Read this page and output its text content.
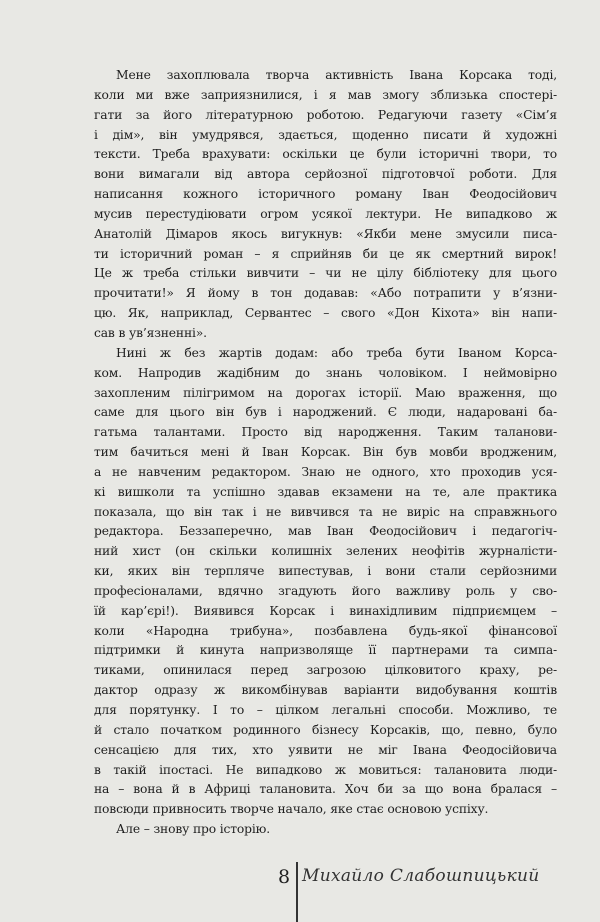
Мене захоплювала творча активність Івана Корсака тоді,
коли ми вже заприязнилися, і я мав змогу зблизька спостері-
гати за його літературною роботою. Редагуючи газету «Сім’я
і дім», він умудрявся, здається, щоденно писати й художні
тексти. Треба врахувати: оскільки це були історичні твори, то
вони вимагали від автора серйозної підготовчої роботи. Для
написання кожного історичного роману Іван Феодосійович
мусив перестудіювати огром усякої лектури. Не випадково ж
Анатолій Дімаров якось вигукнув: «Якби мене змусили писа-
ти історичний роман – я сприйняв би це як смертний вирок!
Це ж треба стільки вивчити – чи не цілу бібліотеку для цього
прочитати!» Я йому в тон додавав: «Або потрапити у в’язни-
цю. Як, наприклад, Сервантес – свого «Дон Кіхота» він напи-
сав в ув’язненні».
Нині ж без жартів додам: або треба бути Іваном Корса-
ком. Напродив жадібним до знань чоловіком. І неймовірно
захопленим пілігримом на дорогах історії. Маю враження, що
саме для цього він був і народжений. Є люди, надаровані ба-
гатьма талантами. Просто від народження. Таким таланови-
тим бачиться мені й Іван Корсак. Він був мовби вродженим,
а не навченим редактором. Знаю не одного, хто проходив уся-
кі вишколи та успішно здавав екзамени на те, але практика
показала, що він так і не вивчився та не виріс на справжнього
редактора. Беззаперечно, мав Іван Феодосійович і педагогіч-
ний хист (он скільки колишніх зелених неофітів журналісти-
ки, яких він терпляче випестував, і вони стали серйозними
професіоналами, вдячно згадують його важливу роль у сво-
їй кар’єрі!). Виявився Корсак і винахідливим підприємцем –
коли «Народна трибуна», позбавлена будь-якої фінансової
підтримки й кинута напризволяще її партнерами та симпа-
тиками, опинилася перед загрозою цілковитого краху, ре-
дактор одразу ж викомбінував варіанти видобування коштів
для порятунку. І то – цілком легальні способи. Можливо, те
й стало початком родинного бізнесу Корсаків, що, певно, було
сенсацією для тих, хто уявити не міг Івана Феодосійовича
в такій іпостасі. Не випадково ж мовиться: талановита люди-
на – вона й в Африці талановита. Хоч би за що вона бралася –
повсюди привносить творче начало, яке стає основою успіху.
Але – знову про історію.
8 Михайло Слабошпицький
